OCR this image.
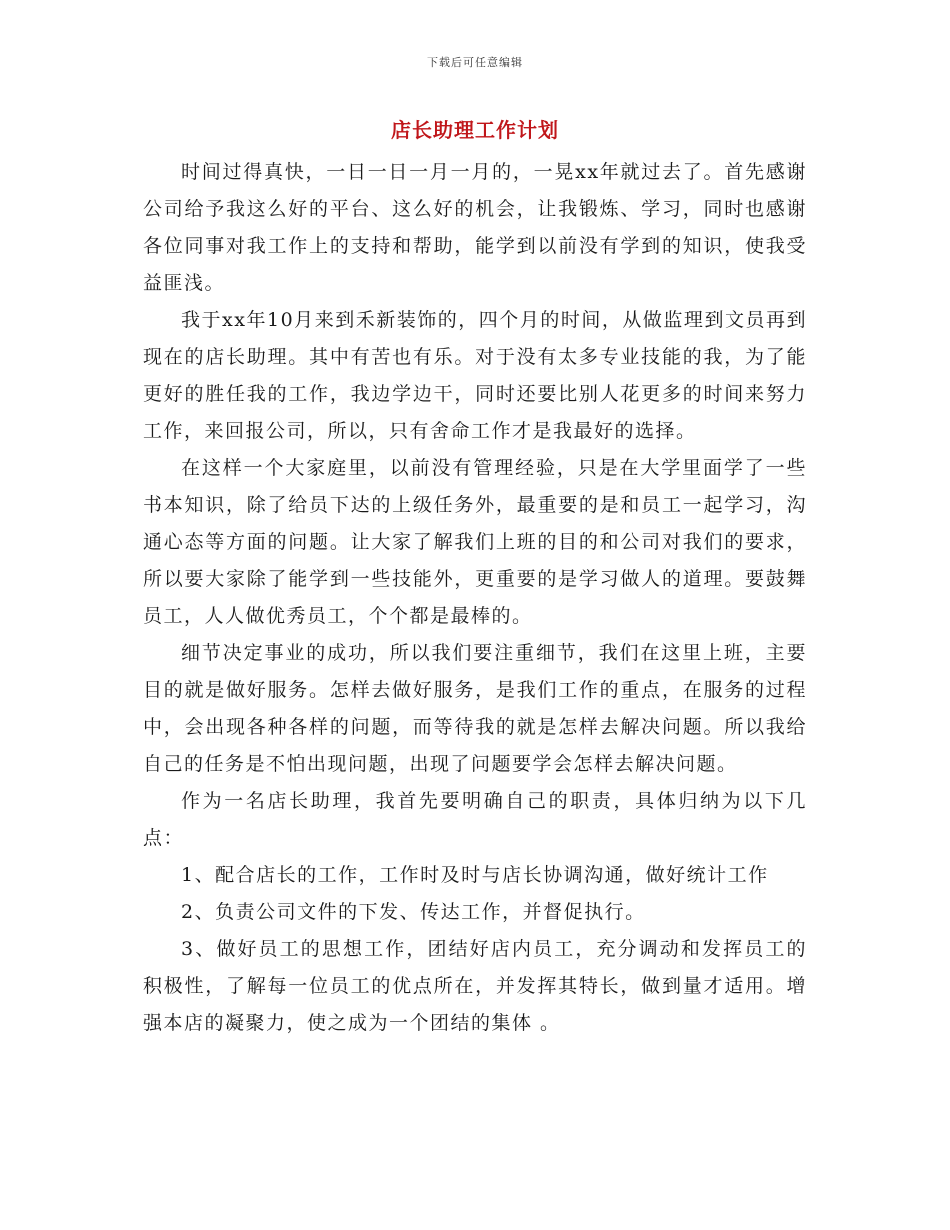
下载后可任意编辑
店长助理工作计划

时间过得真快，一日一日一月一月的，一晃xx年就过去了。首先感谢公司给予我这么好的平台、这么好的机会，让我锻炼、学习，同时也感谢各位同事对我工作上的支持和帮助，能学到以前没有学到的知识，使我受益匪浅。

我于xx年10月来到禾新装饰的，四个月的时间，从做监理到文员再到现在的店长助理。其中有苦也有乐。对于没有太多专业技能的我，为了能更好的胜任我的工作，我边学边干，同时还要比别人花更多的时间来努力工作，来回报公司，所以，只有舍命工作才是我最好的选择。

在这样一个大家庭里，以前没有管理经验，只是在大学里面学了一些书本知识，除了给员下达的上级任务外，最重要的是和员工一起学习，沟通心态等方面的问题。让大家了解我们上班的目的和公司对我们的要求，所以要大家除了能学到一些技能外，更重要的是学习做人的道理。要鼓舞员工，人人做优秀员工，个个都是最棒的。

细节决定事业的成功，所以我们要注重细节，我们在这里上班，主要目的就是做好服务。怎样去做好服务，是我们工作的重点，在服务的过程中，会出现各种各样的问题，而等待我的就是怎样去解决问题。所以我给自己的任务是不怕出现问题，出现了问题要学会怎样去解决问题。

作为一名店长助理，我首先要明确自己的职责，具体归纳为以下几点：

1、配合店长的工作，工作时及时与店长协调沟通，做好统计工作

2、负责公司文件的下发、传达工作，并督促执行。

3、做好员工的思想工作，团结好店内员工，充分调动和发挥员工的积极性，了解每一位员工的优点所在，并发挥其特长，做到量才适用。增强本店的凝聚力，使之成为一个团结的集体 。
